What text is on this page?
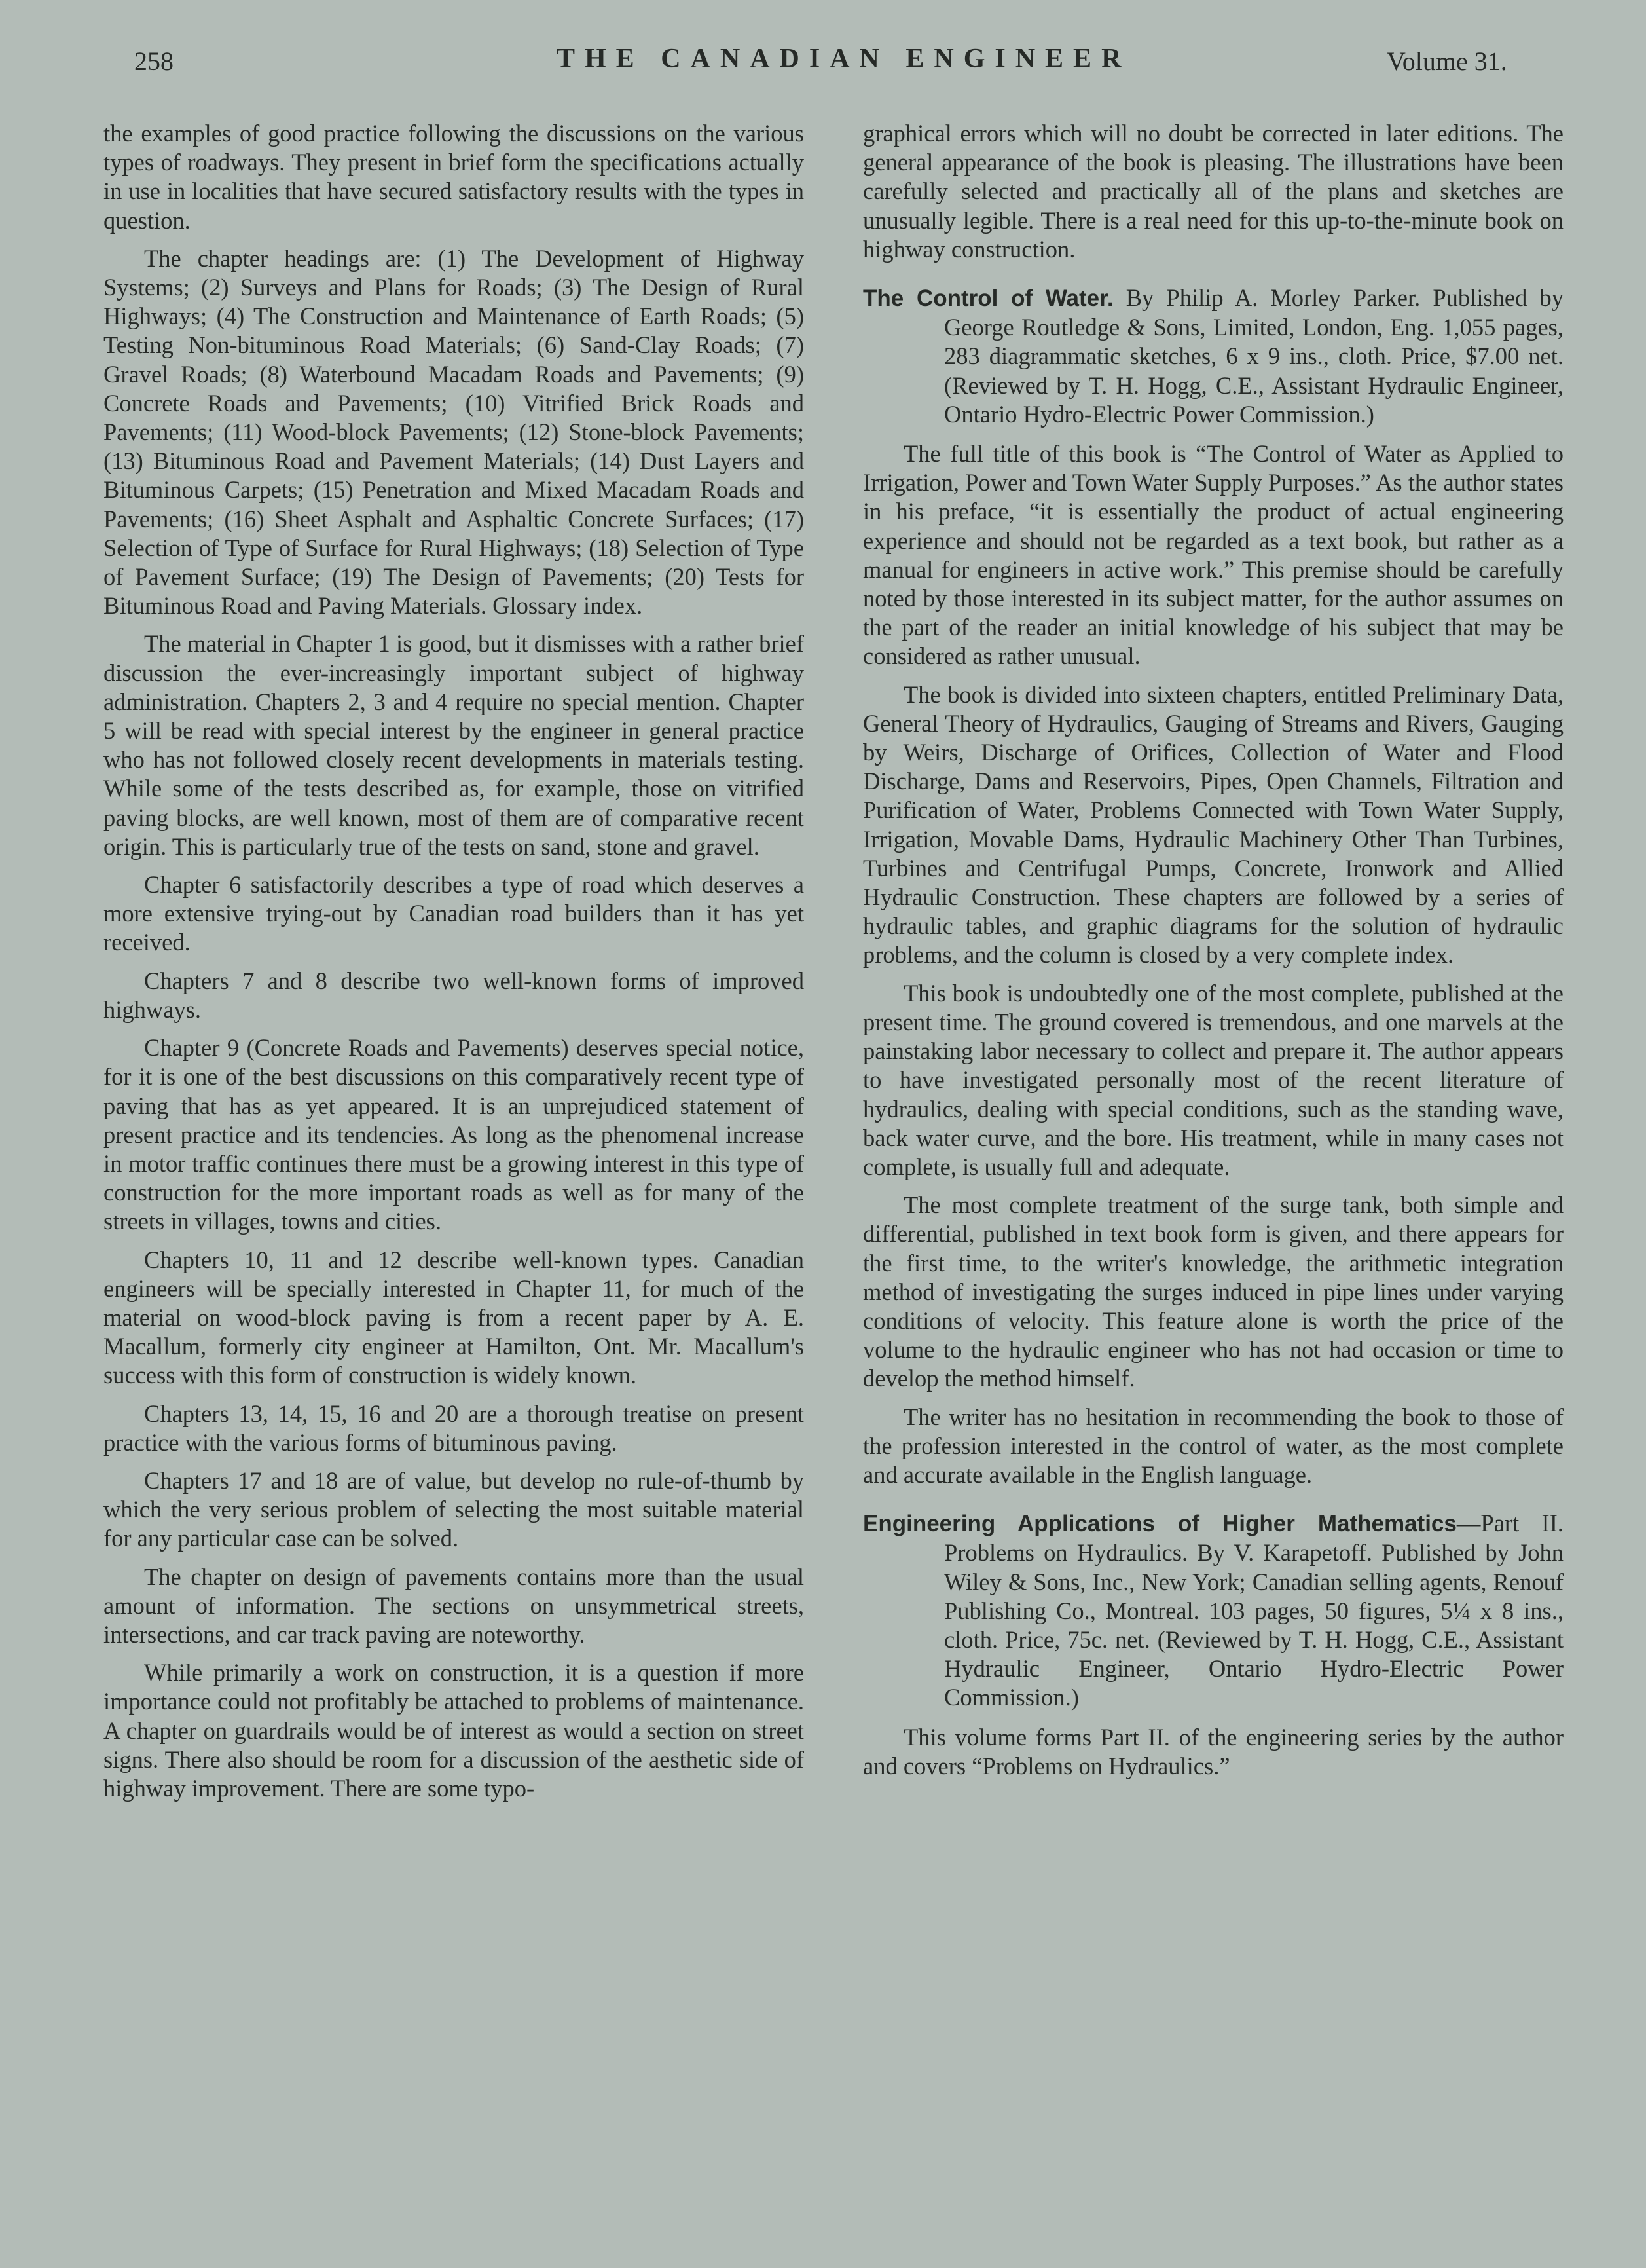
258	THE CANADIAN ENGINEER	Volume 31.

the examples of good practice following the discussions on the various types of roadways. They present in brief form the specifications actually in use in localities that have secured satisfactory results with the types in question.

The chapter headings are: (1) The Development of Highway Systems; (2) Surveys and Plans for Roads; (3) The Design of Rural Highways; (4) The Construction and Maintenance of Earth Roads; (5) Testing Non-bituminous Road Materials; (6) Sand-Clay Roads; (7) Gravel Roads; (8) Waterbound Macadam Roads and Pavements; (9) Concrete Roads and Pavements; (10) Vitrified Brick Roads and Pavements; (11) Wood-block Pavements; (12) Stone-block Pavements; (13) Bituminous Road and Pavement Materials; (14) Dust Layers and Bituminous Carpets; (15) Penetration and Mixed Macadam Roads and Pavements; (16) Sheet Asphalt and Asphaltic Concrete Surfaces; (17) Selection of Type of Surface for Rural Highways; (18) Selection of Type of Pavement Surface; (19) The Design of Pavements; (20) Tests for Bituminous Road and Paving Materials. Glossary index.

The material in Chapter 1 is good, but it dismisses with a rather brief discussion the ever-increasingly important subject of highway administration. Chapters 2, 3 and 4 require no special mention. Chapter 5 will be read with special interest by the engineer in general practice who has not followed closely recent developments in materials testing. While some of the tests described as, for example, those on vitrified paving blocks, are well known, most of them are of comparative recent origin. This is particularly true of the tests on sand, stone and gravel.

Chapter 6 satisfactorily describes a type of road which deserves a more extensive trying-out by Canadian road builders than it has yet received.

Chapters 7 and 8 describe two well-known forms of improved highways.

Chapter 9 (Concrete Roads and Pavements) deserves special notice, for it is one of the best discussions on this comparatively recent type of paving that has as yet appeared. It is an unprejudiced statement of present practice and its tendencies. As long as the phenomenal increase in motor traffic continues there must be a growing interest in this type of construction for the more important roads as well as for many of the streets in villages, towns and cities.

Chapters 10, 11 and 12 describe well-known types. Canadian engineers will be specially interested in Chapter 11, for much of the material on wood-block paving is from a recent paper by A. E. Macallum, formerly city engineer at Hamilton, Ont. Mr. Macallum's success with this form of construction is widely known.

Chapters 13, 14, 15, 16 and 20 are a thorough treatise on present practice with the various forms of bituminous paving.

Chapters 17 and 18 are of value, but develop no rule-of-thumb by which the very serious problem of selecting the most suitable material for any particular case can be solved.

The chapter on design of pavements contains more than the usual amount of information. The sections on unsymmetrical streets, intersections, and car track paving are noteworthy.

While primarily a work on construction, it is a question if more importance could not profitably be attached to problems of maintenance. A chapter on guardrails would be of interest as would a section on street signs. There also should be room for a discussion of the aesthetic side of highway improvement. There are some typo-

graphical errors which will no doubt be corrected in later editions. The general appearance of the book is pleasing. The illustrations have been carefully selected and practically all of the plans and sketches are unusually legible. There is a real need for this up-to-the-minute book on highway construction.

The Control of Water. By Philip A. Morley Parker. Published by George Routledge & Sons, Limited, London, Eng. 1,055 pages, 283 diagrammatic sketches, 6 x 9 ins., cloth. Price, $7.00 net. (Reviewed by T. H. Hogg, C.E., Assistant Hydraulic Engineer, Ontario Hydro-Electric Power Commission.)

The full title of this book is “The Control of Water as Applied to Irrigation, Power and Town Water Supply Purposes.” As the author states in his preface, “it is essentially the product of actual engineering experience and should not be regarded as a text book, but rather as a manual for engineers in active work.” This premise should be carefully noted by those interested in its subject matter, for the author assumes on the part of the reader an initial knowledge of his subject that may be considered as rather unusual.

The book is divided into sixteen chapters, entitled Preliminary Data, General Theory of Hydraulics, Gauging of Streams and Rivers, Gauging by Weirs, Discharge of Orifices, Collection of Water and Flood Discharge, Dams and Reservoirs, Pipes, Open Channels, Filtration and Purification of Water, Problems Connected with Town Water Supply, Irrigation, Movable Dams, Hydraulic Machinery Other Than Turbines, Turbines and Centrifugal Pumps, Concrete, Ironwork and Allied Hydraulic Construction. These chapters are followed by a series of hydraulic tables, and graphic diagrams for the solution of hydraulic problems, and the column is closed by a very complete index.

This book is undoubtedly one of the most complete, published at the present time. The ground covered is tremendous, and one marvels at the painstaking labor necessary to collect and prepare it. The author appears to have investigated personally most of the recent literature of hydraulics, dealing with special conditions, such as the standing wave, back water curve, and the bore. His treatment, while in many cases not complete, is usually full and adequate.

The most complete treatment of the surge tank, both simple and differential, published in text book form is given, and there appears for the first time, to the writer's knowledge, the arithmetic integration method of investigating the surges induced in pipe lines under varying conditions of velocity. This feature alone is worth the price of the volume to the hydraulic engineer who has not had occasion or time to develop the method himself.

The writer has no hesitation in recommending the book to those of the profession interested in the control of water, as the most complete and accurate available in the English language.

Engineering Applications of Higher Mathematics—Part II. Problems on Hydraulics. By V. Karapetoff. Published by John Wiley & Sons, Inc., New York; Canadian selling agents, Renouf Publishing Co., Montreal. 103 pages, 50 figures, 5¼ x 8 ins., cloth. Price, 75c. net. (Reviewed by T. H. Hogg, C.E., Assistant Hydraulic Engineer, Ontario Hydro-Electric Power Commission.)

This volume forms Part II. of the engineering series by the author and covers “Problems on Hydraulics.”
